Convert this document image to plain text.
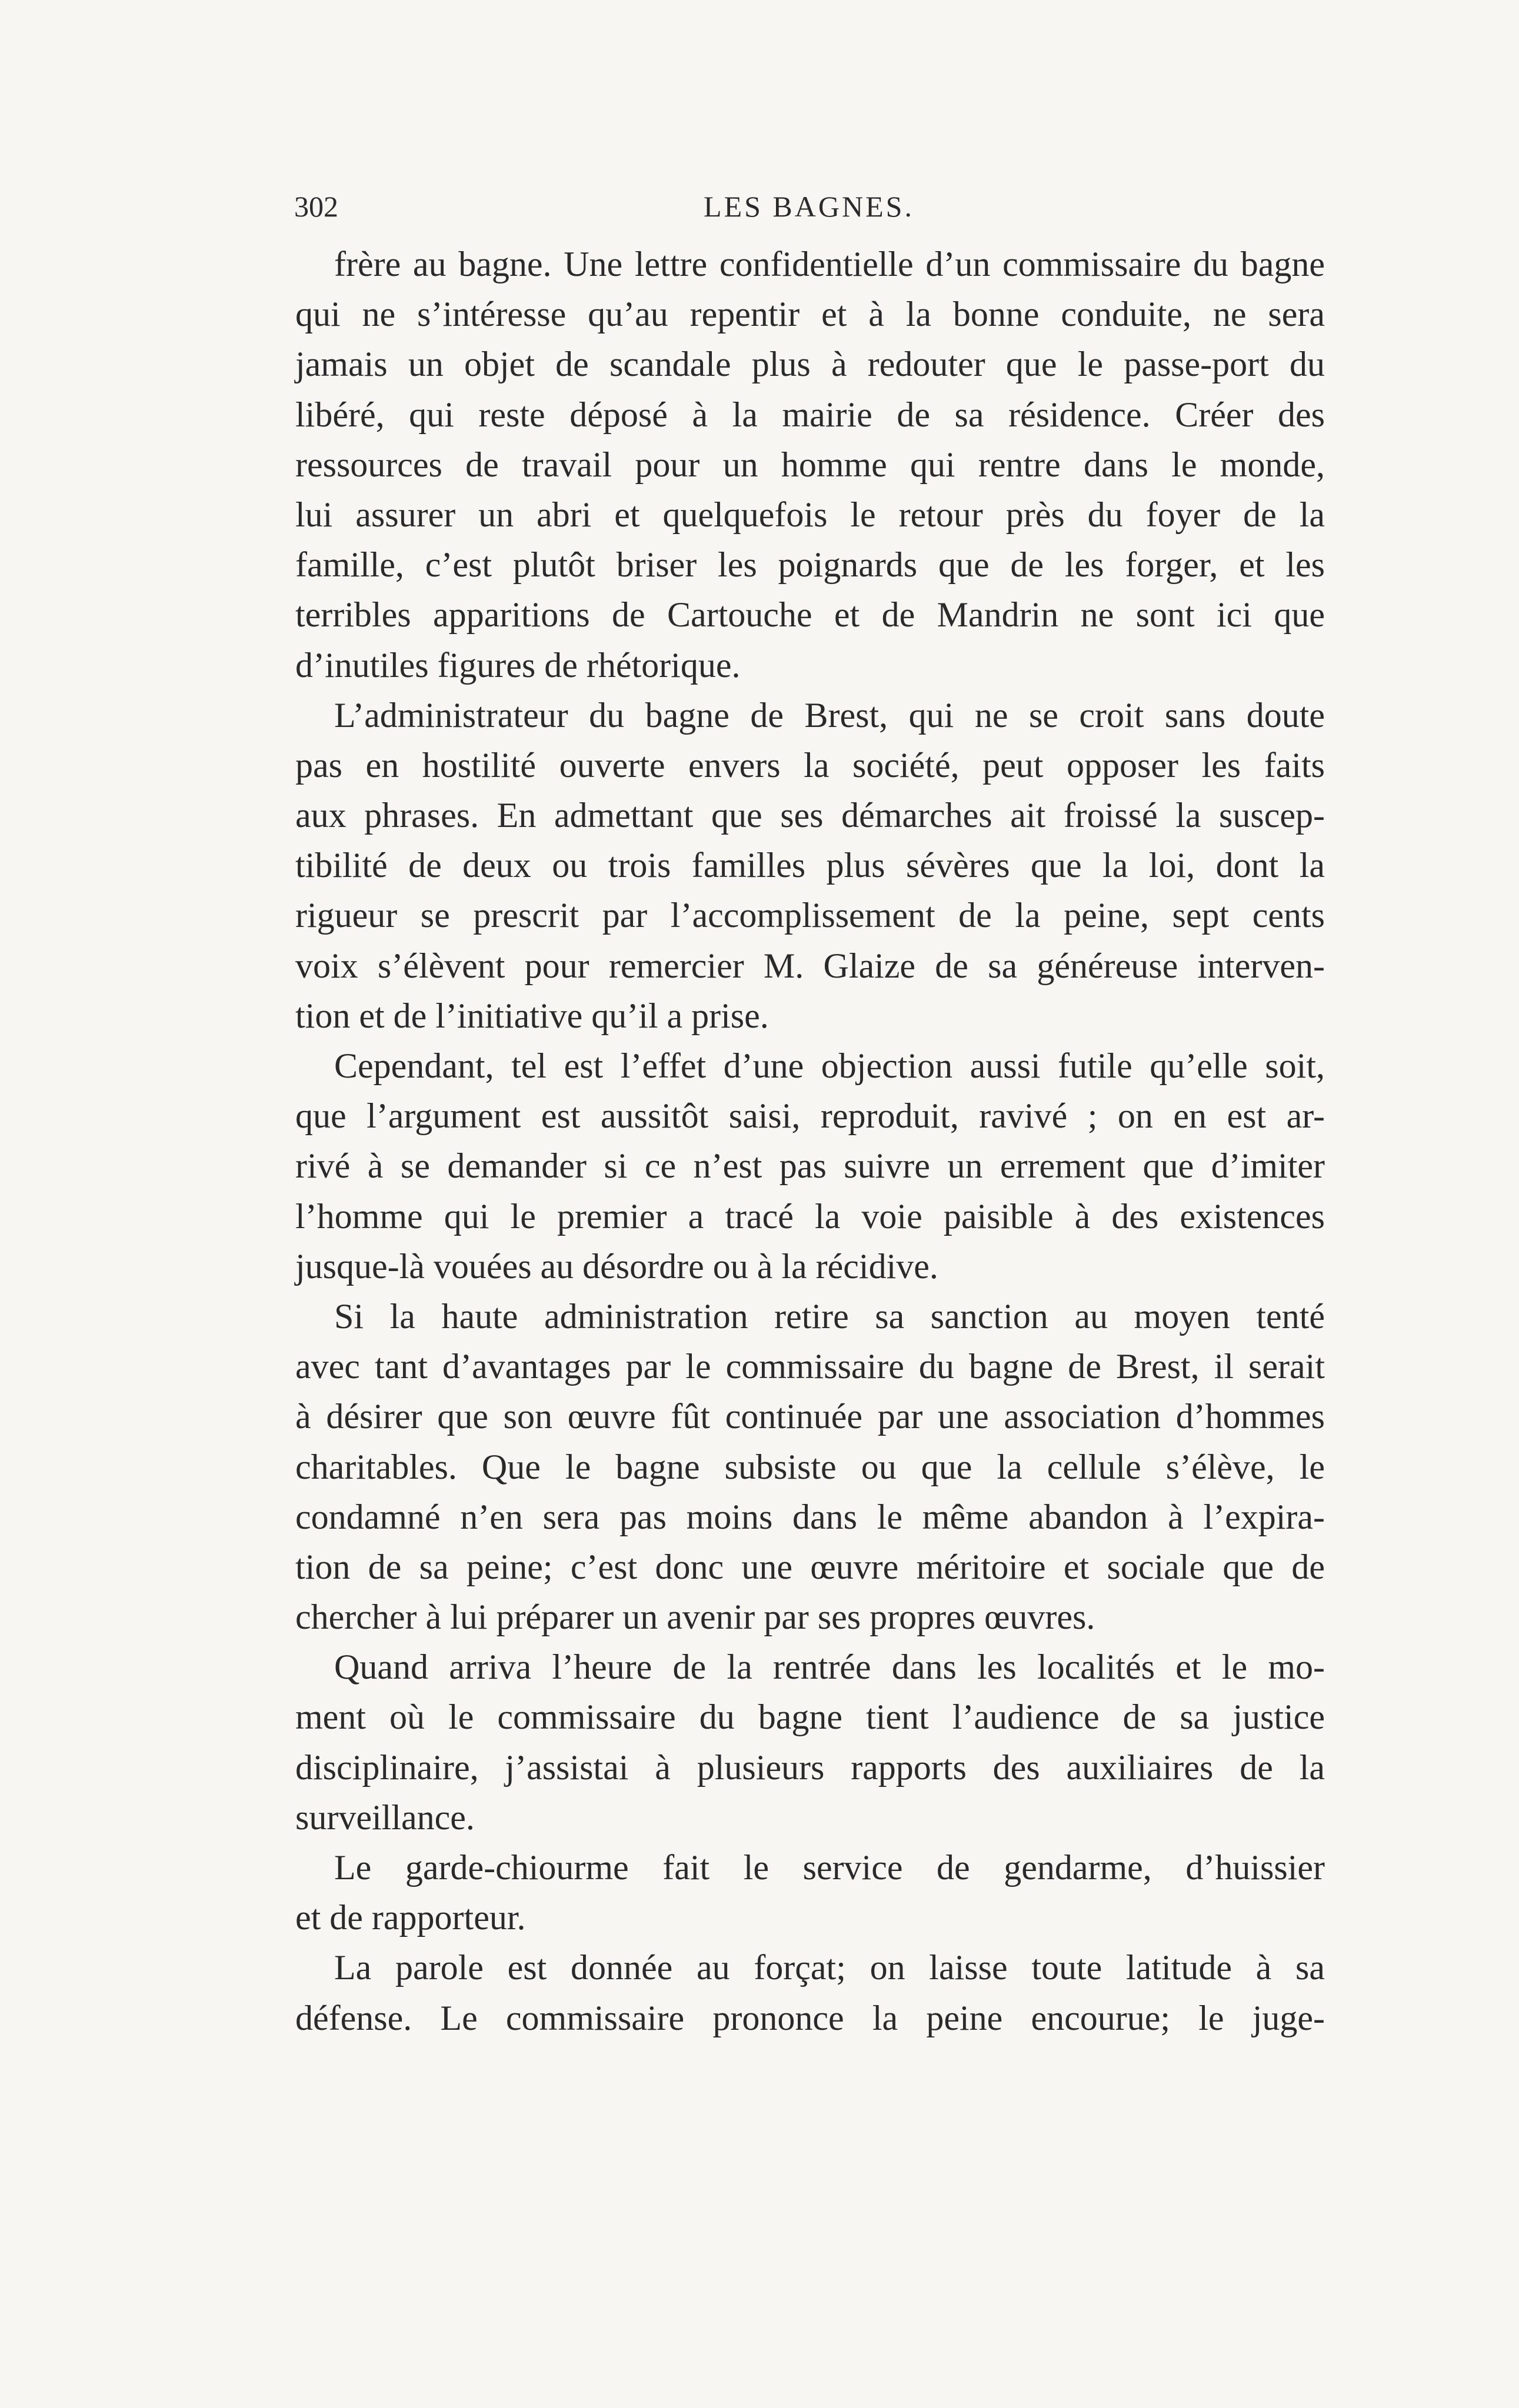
302	LES BAGNES.
frère au bagne. Une lettre confidentielle d’un commissaire du bagne
qui ne s’intéresse qu’au repentir et à la bonne conduite, ne sera
jamais un objet de scandale plus à redouter que le passe-port du
libéré, qui reste déposé à la mairie de sa résidence. Créer des
ressources de travail pour un homme qui rentre dans le monde,
lui assurer un abri et quelquefois le retour près du foyer de la
famille, c’est plutôt briser les poignards que de les forger, et les
terribles apparitions de Cartouche et de Mandrin ne sont ici que
d’inutiles figures de rhétorique.
L’administrateur du bagne de Brest, qui ne se croit sans doute
pas en hostilité ouverte envers la société, peut opposer les faits
aux phrases. En admettant que ses démarches ait froissé la suscep-
tibilité de deux ou trois familles plus sévères que la loi, dont la
rigueur se prescrit par l’accomplissement de la peine, sept cents
voix s’élèvent pour remercier M. Glaize de sa généreuse interven-
tion et de l’initiative qu’il a prise.
Cependant, tel est l’effet d’une objection aussi futile qu’elle soit,
que l’argument est aussitôt saisi, reproduit, ravivé ; on en est ar-
rivé à se demander si ce n’est pas suivre un errement que d’imiter
l’homme qui le premier a tracé la voie paisible à des existences
jusque-là vouées au désordre ou à la récidive.
Si la haute administration retire sa sanction au moyen tenté
avec tant d’avantages par le commissaire du bagne de Brest, il serait
à désirer que son œuvre fût continuée par une association d’hommes
charitables. Que le bagne subsiste ou que la cellule s’élève, le
condamné n’en sera pas moins dans le même abandon à l’expira-
tion de sa peine; c’est donc une œuvre méritoire et sociale que de
chercher à lui préparer un avenir par ses propres œuvres.
Quand arriva l’heure de la rentrée dans les localités et le mo-
ment où le commissaire du bagne tient l’audience de sa justice
disciplinaire, j’assistai à plusieurs rapports des auxiliaires de la
surveillance.
Le garde-chiourme fait le service de gendarme, d’huissier
et de rapporteur.
La parole est donnée au forçat; on laisse toute latitude à sa
défense. Le commissaire prononce la peine encourue; le juge-
